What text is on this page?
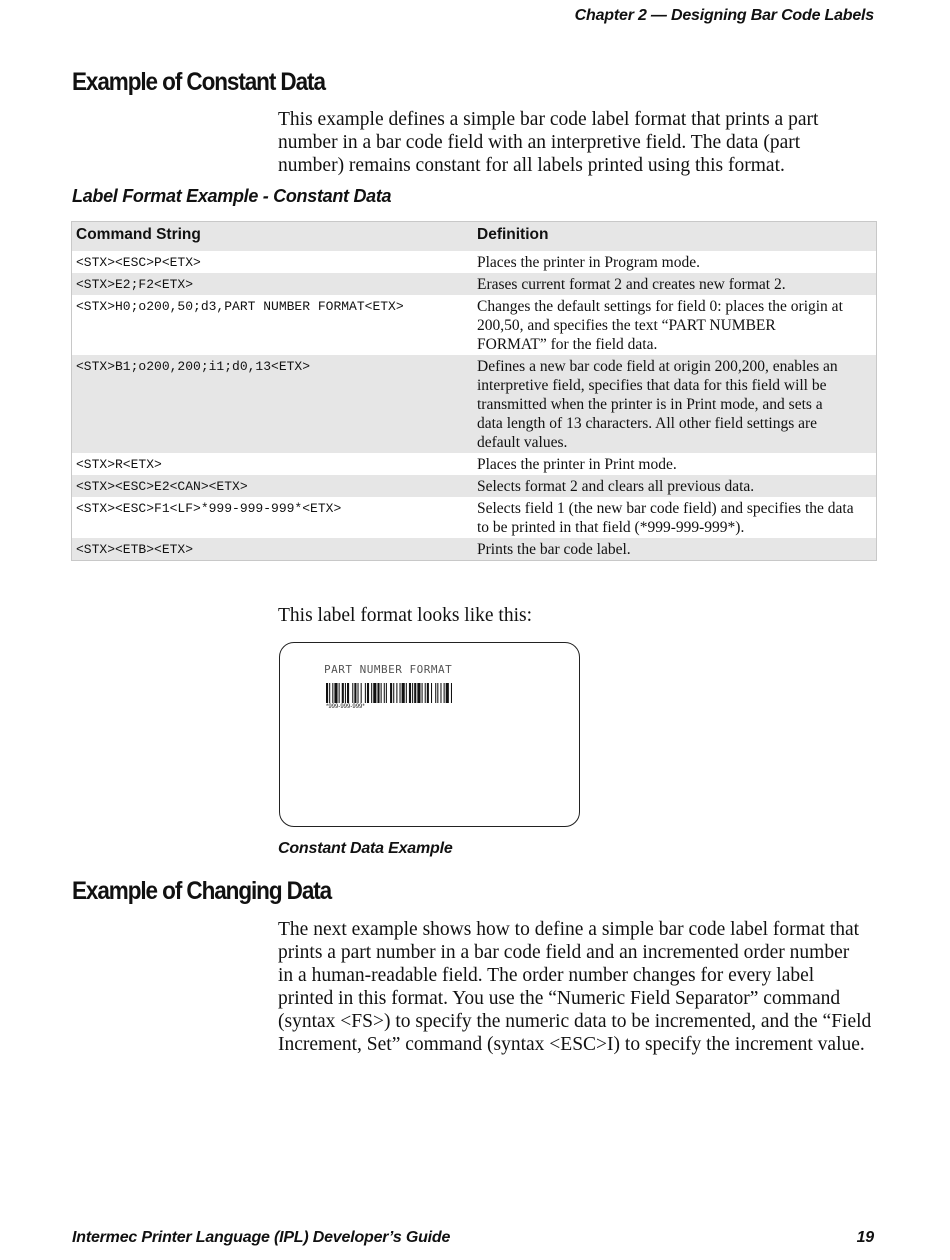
Chapter 2 — Designing Bar Code Labels
Example of Constant Data
This example defines a simple bar code label format that prints a part
number in a bar code field with an interpretive field. The data (part
number) remains constant for all labels printed using this format.
Label Format Example - Constant Data
Command String	Definition
<STX><ESC>P<ETX>	Places the printer in Program mode.
<STX>E2;F2<ETX>	Erases current format 2 and creates new format 2.
<STX>H0;o200,50;d3,PART NUMBER FORMAT<ETX>	Changes the default settings for field 0: places the origin at
200,50, and specifies the text “PART NUMBER
FORMAT” for the field data.

<STX>B1;o200,200;i1;d0,13<ETX>	Defines a new bar code field at origin 200,200, enables an
interpretive field, specifies that data for this field will be
transmitted when the printer is in Print mode, and sets a
data length of 13 characters. All other field settings are
default values.

<STX>R<ETX>	Places the printer in Print mode.
<STX><ESC>E2<CAN><ETX>	Selects format 2 and clears all previous data.
<STX><ESC>F1<LF>*999-999-999*<ETX>	Selects field 1 (the new bar code field) and specifies the data
to be printed in that field (*999-999-999*).

<STX><ETB><ETX>	Prints the bar code label.
This label format looks like this:
PART NUMBER FORMAT
*999-999-999*
Constant Data Example
Example of Changing Data
The next example shows how to define a simple bar code label format that
prints a part number in a bar code field and an incremented order number
in a human-readable field. The order number changes for every label
printed in this format. You use the “Numeric Field Separator” command
(syntax <FS>) to specify the numeric data to be incremented, and the “Field
Increment, Set” command (syntax <ESC>I) to specify the increment value.
Intermec Printer Language (IPL) Developer’s Guide	19
